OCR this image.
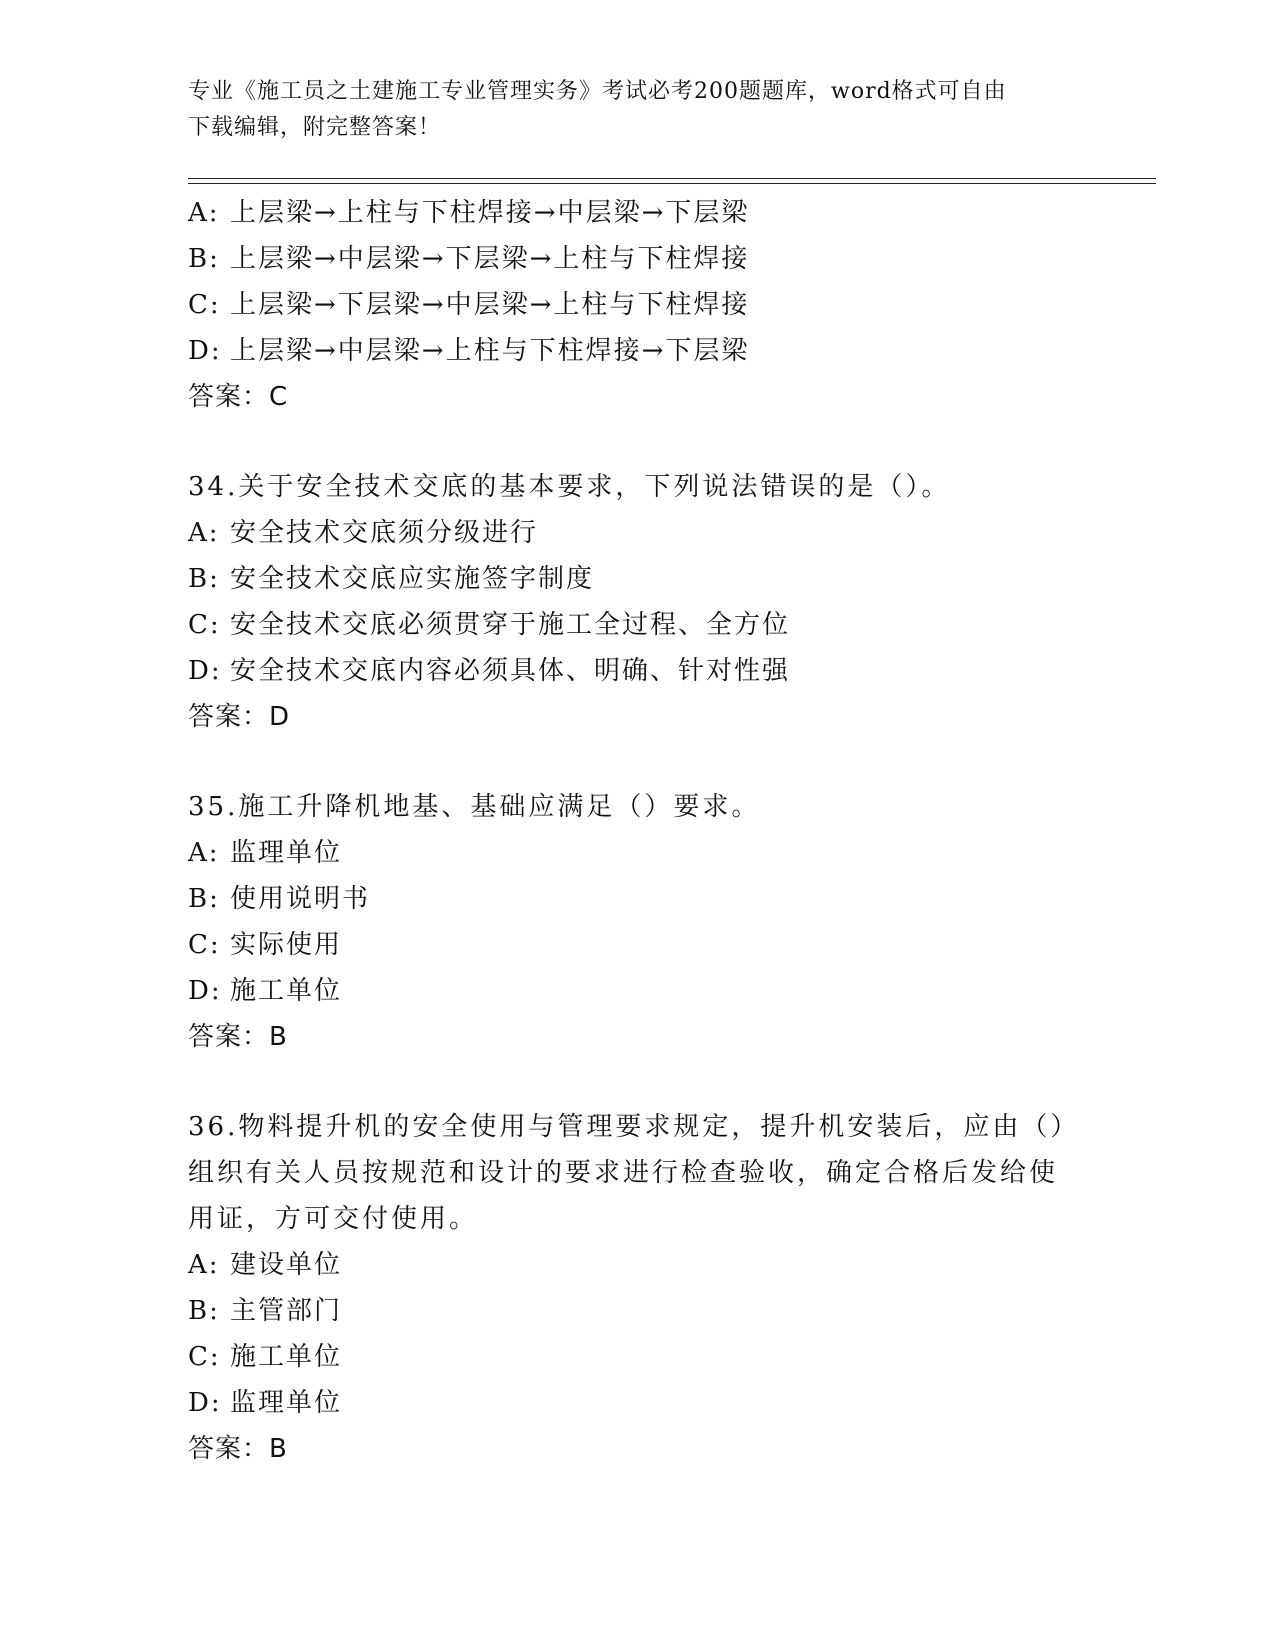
专业《施工员之土建施工专业管理实务》考试必考200题题库，word格式可自由
下载编辑，附完整答案！
A: 上层梁→上柱与下柱焊接→中层梁→下层梁
B: 上层梁→中层梁→下层梁→上柱与下柱焊接
C: 上层梁→下层梁→中层梁→上柱与下柱焊接
D: 上层梁→中层梁→上柱与下柱焊接→下层梁
答案：C
34.关于安全技术交底的基本要求，下列说法错误的是（）。
A: 安全技术交底须分级进行
B: 安全技术交底应实施签字制度
C: 安全技术交底必须贯穿于施工全过程、全方位
D: 安全技术交底内容必须具体、明确、针对性强
答案：D
35.施工升降机地基、基础应满足（）要求。
A: 监理单位
B: 使用说明书
C: 实际使用
D: 施工单位
答案：B
36.物料提升机的安全使用与管理要求规定，提升机安装后，应由（）
组织有关人员按规范和设计的要求进行检查验收，确定合格后发给使
用证，方可交付使用。
A: 建设单位
B: 主管部门
C: 施工单位
D: 监理单位
答案：B
